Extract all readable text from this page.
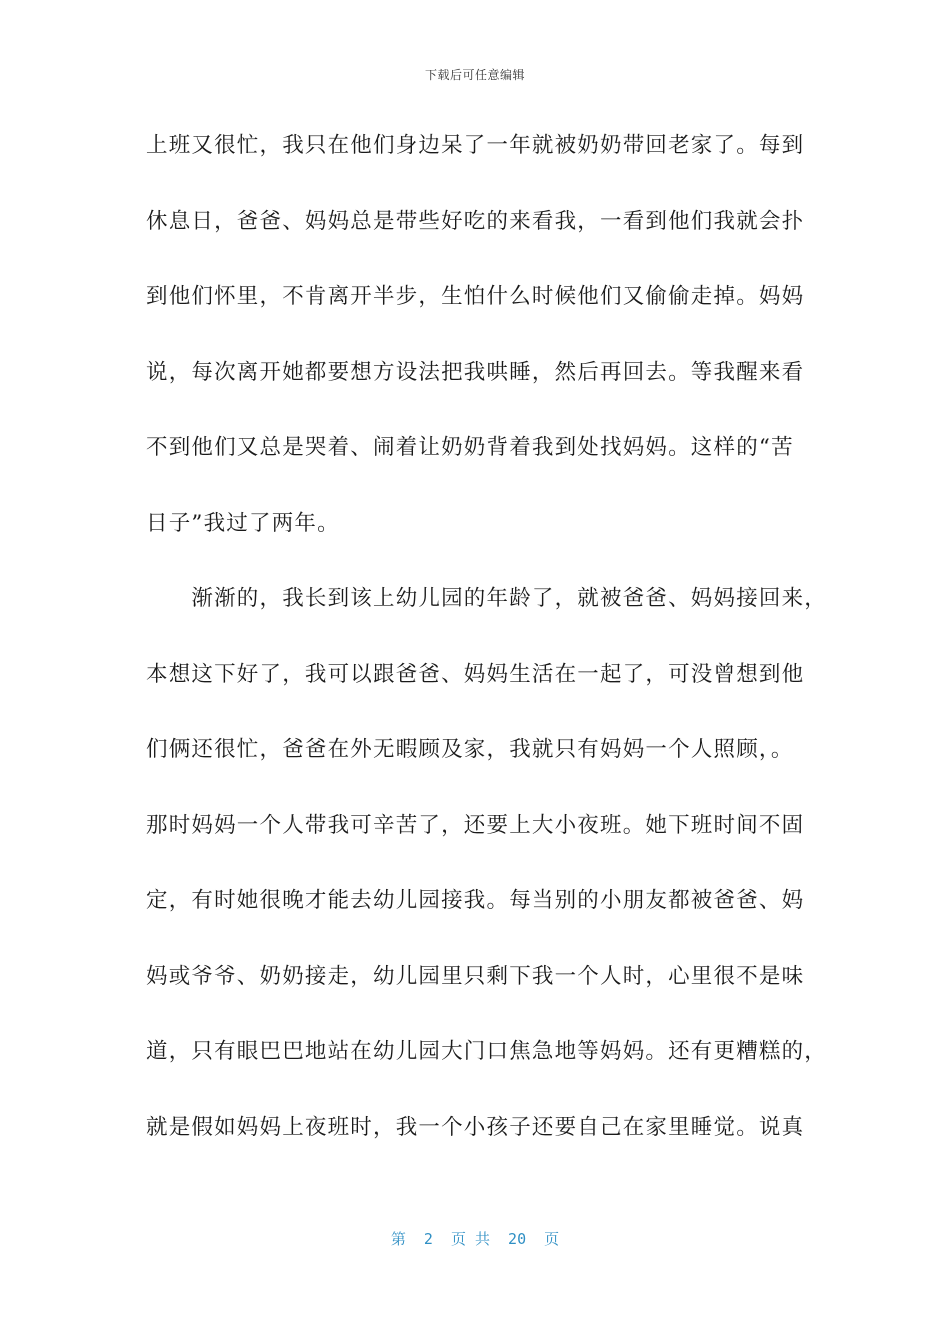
下载后可任意编辑
上班又很忙，我只在他们身边呆了一年就被奶奶带回老家了。每到
休息日，爸爸、妈妈总是带些好吃的来看我，一看到他们我就会扑
到他们怀里，不肯离开半步，生怕什么时候他们又偷偷走掉。妈妈
说，每次离开她都要想方设法把我哄睡，然后再回去。等我醒来看
不到他们又总是哭着、闹着让奶奶背着我到处找妈妈。这样的“苦
日子”我过了两年。
　　渐渐的，我长到该上幼儿园的年龄了，就被爸爸、妈妈接回来，
本想这下好了，我可以跟爸爸、妈妈生活在一起了，可没曾想到他
们俩还很忙，爸爸在外无暇顾及家，我就只有妈妈一个人照顾，。
那时妈妈一个人带我可辛苦了，还要上大小夜班。她下班时间不固
定，有时她很晚才能去幼儿园接我。每当别的小朋友都被爸爸、妈
妈或爷爷、奶奶接走，幼儿园里只剩下我一个人时，心里很不是味
道，只有眼巴巴地站在幼儿园大门口焦急地等妈妈。还有更糟糕的，
就是假如妈妈上夜班时，我一个小孩子还要自己在家里睡觉。说真
第  2  页 共  20  页
